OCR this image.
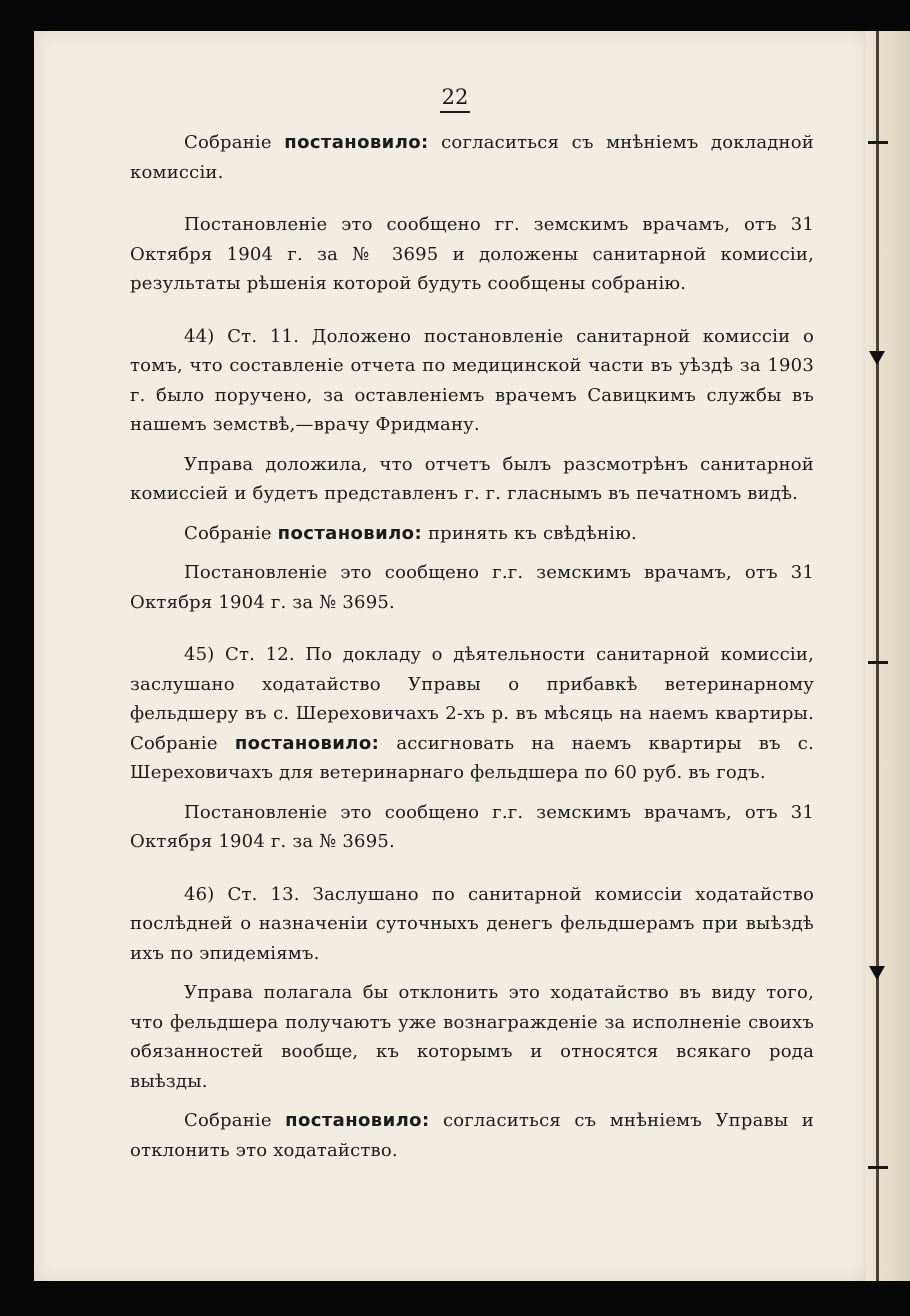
22

Собраніе постановило: согласиться съ мнѣніемъ докладной комиссіи.

Постановленіе это сообщено гг. земскимъ врачамъ, отъ 31 Октября 1904 г. за № 3695 и доложены санитарной комиссіи, результаты рѣшенія которой будуть сообщены собранію.

44) Ст. 11. Доложено постановленіе санитарной комиссіи о томъ, что составленіе отчета по медицинской части въ уѣздѣ за 1903 г. было поручено, за оставленіемъ врачемъ Савицкимъ службы въ нашемъ земствѣ,—врачу Фридману.

Управа доложила, что отчетъ былъ разсмотрѣнъ санитарной комиссіей и будетъ представленъ г. г. гласнымъ въ печатномъ видѣ.

Собраніе постановило: принять къ свѣдѣнію.

Постановленіе это сообщено г.г. земскимъ врачамъ, отъ 31 Октября 1904 г. за № 3695.

45) Ст. 12. По докладу о дѣятельности санитарной комиссіи, заслушано ходатайство Управы о прибавкѣ ветеринарному фельдшеру въ с. Шереховичахъ 2-хъ р. въ мѣсяць на наемъ квартиры. Собраніе постановило: ассигновать на наемъ квартиры въ с. Шереховичахъ для ветеринарнаго фельдшера по 60 руб. въ годъ.

Постановленіе это сообщено г.г. земскимъ врачамъ, отъ 31 Октября 1904 г. за № 3695.

46) Ст. 13. Заслушано по санитарной комиссіи ходатайство послѣдней о назначеніи суточныхъ денегъ фельдшерамъ при выѣздѣ ихъ по эпидеміямъ.

Управа полагала бы отклонить это ходатайство въ виду того, что фельдшера получаютъ уже вознагражденіе за исполненіе своихъ обязанностей вообще, къ которымъ и относятся всякаго рода выѣзды.

Собраніе постановило: согласиться съ мнѣніемъ Управы и отклонить это ходатайство.
